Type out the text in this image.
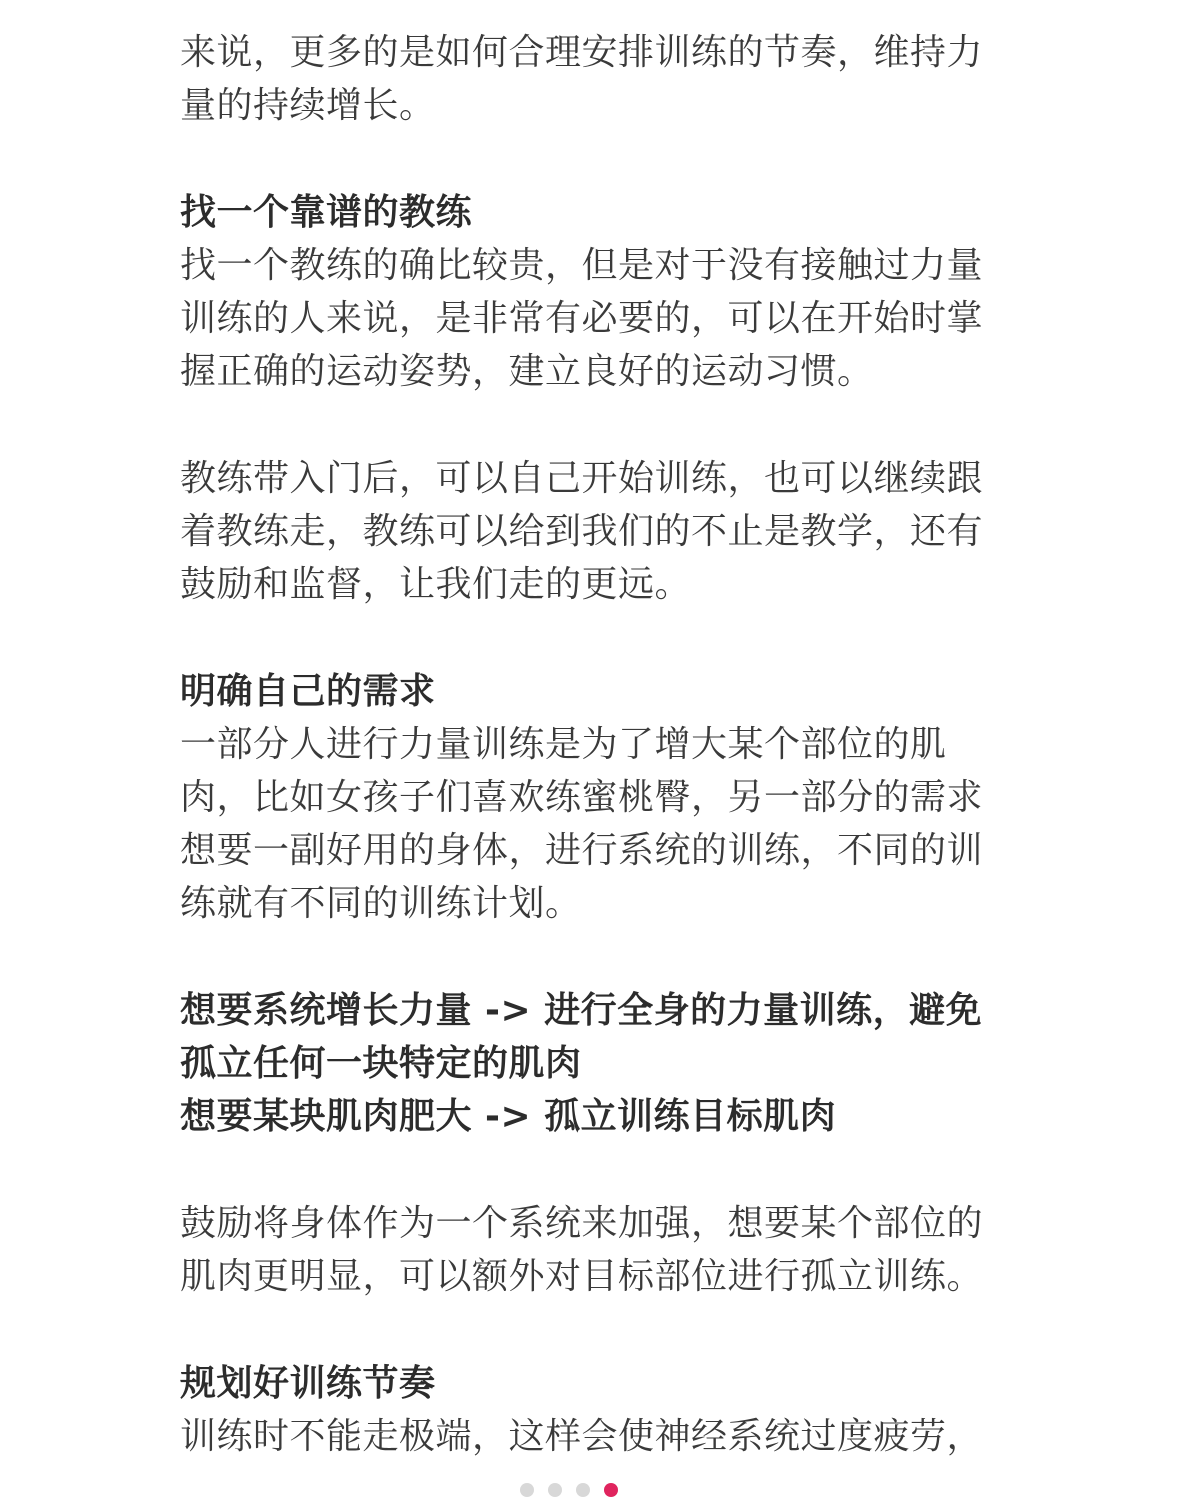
来说，更多的是如何合理安排训练的节奏，维持力
量的持续增长。
找一个靠谱的教练
找一个教练的确比较贵，但是对于没有接触过力量
训练的人来说，是非常有必要的，可以在开始时掌
握正确的运动姿势，建立良好的运动习惯。
教练带入门后，可以自己开始训练，也可以继续跟
着教练走，教练可以给到我们的不止是教学，还有
鼓励和监督，让我们走的更远。
明确自己的需求
一部分人进行力量训练是为了增大某个部位的肌
肉，比如女孩子们喜欢练蜜桃臀，另一部分的需求
想要一副好用的身体，进行系统的训练，不同的训
练就有不同的训练计划。
想要系统增长力量 -> 进行全身的力量训练，避免
孤立任何一块特定的肌肉
想要某块肌肉肥大 -> 孤立训练目标肌肉
鼓励将身体作为一个系统来加强，想要某个部位的
肌肉更明显，可以额外对目标部位进行孤立训练。
规划好训练节奏
训练时不能走极端，这样会使神经系统过度疲劳，
